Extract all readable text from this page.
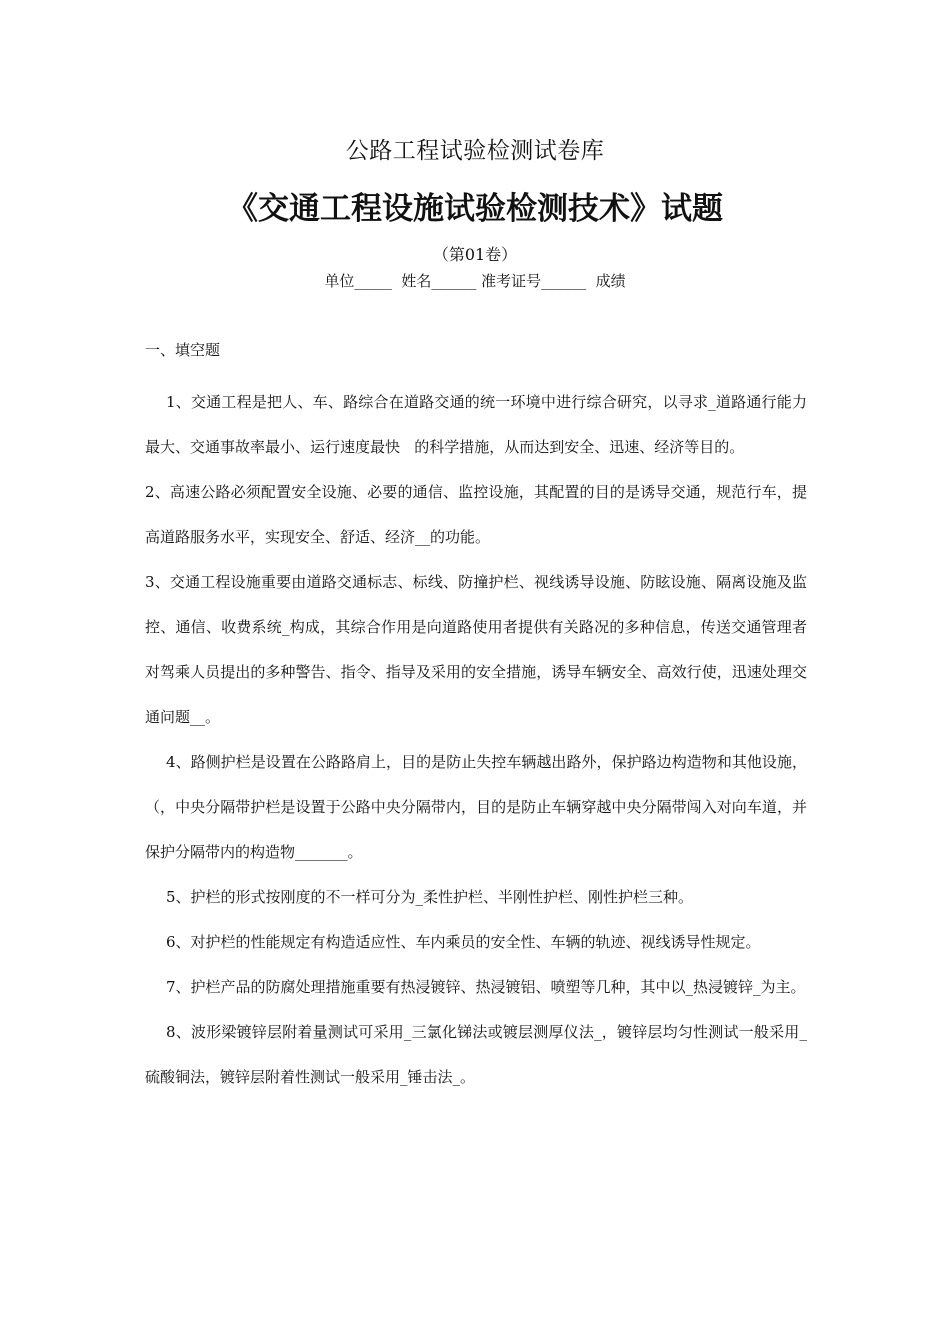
公路工程试验检测试卷库
《交通工程设施试验检测技术》试题
（第01卷）
单位_____  姓名______ 准考证号______  成绩
一、填空题

1、交通工程是把人、车、路综合在道路交通的统一环境中进行综合研究，以寻求_道路通行能力最大、交通事故率最小、运行速度最快   的科学措施，从而达到安全、迅速、经济等目的。

2、高速公路必须配置安全设施、必要的通信、监控设施，其配置的目的是诱导交通，规范行车，提高道路服务水平，实现安全、舒适、经济__的功能。

3、交通工程设施重要由道路交通标志、标线、防撞护栏、视线诱导设施、防眩设施、隔离设施及监控、通信、收费系统_构成，其综合作用是向道路使用者提供有关路况的多种信息，传送交通管理者对驾乘人员提出的多种警告、指令、指导及采用的安全措施，诱导车辆安全、高效行使，迅速处理交通问题__。

4、路侧护栏是设置在公路路肩上，目的是防止失控车辆越出路外，保护路边构造物和其他设施，（，中央分隔带护栏是设置于公路中央分隔带内，目的是防止车辆穿越中央分隔带闯入对向车道，并保护分隔带内的构造物_______。

5、护栏的形式按刚度的不一样可分为_柔性护栏、半刚性护栏、刚性护栏三种。

6、对护栏的性能规定有构造适应性、车内乘员的安全性、车辆的轨迹、视线诱导性规定。

7、护栏产品的防腐处理措施重要有热浸镀锌、热浸镀铝、喷塑等几种，其中以_热浸镀锌_为主。

8、波形梁镀锌层附着量测试可采用_三氯化锑法或镀层测厚仪法_，镀锌层均匀性测试一般采用_硫酸铜法，镀锌层附着性测试一般采用_锤击法_。
